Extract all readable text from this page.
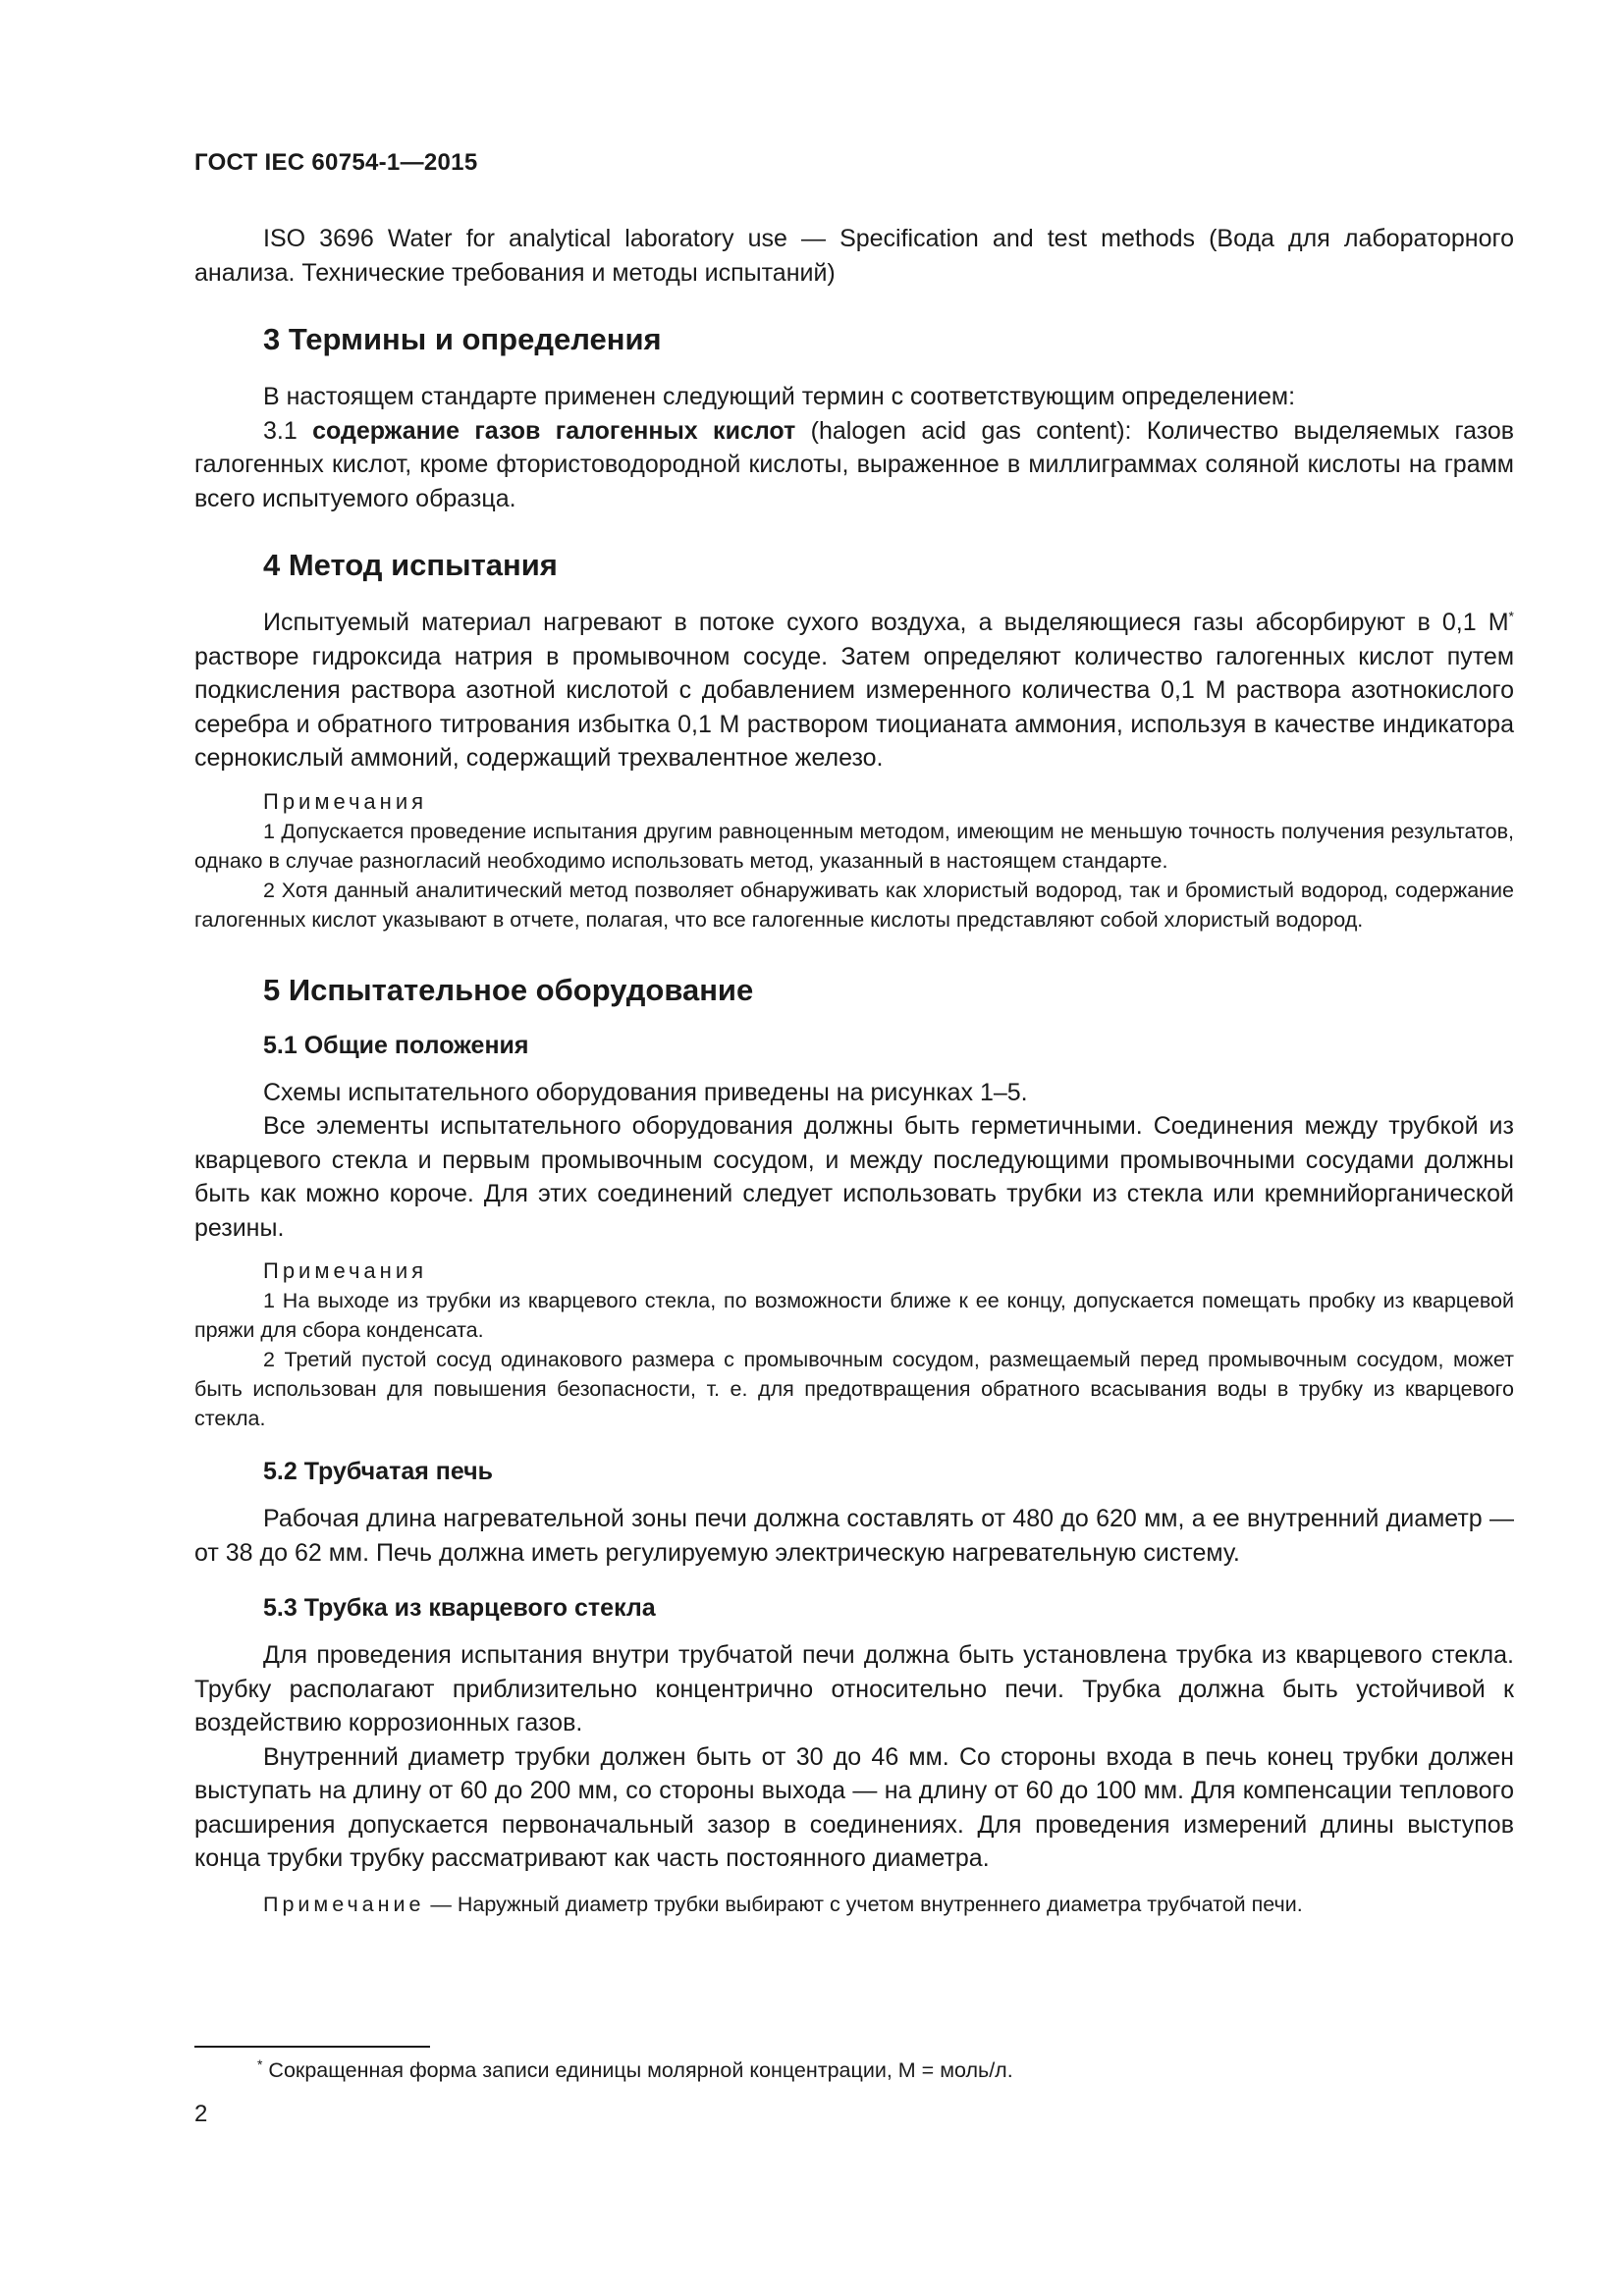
ГОСТ IEC 60754-1—2015

ISO 3696 Water for analytical laboratory use — Specification and test methods (Вода для лабораторного анализа. Технические требования и методы испытаний)

3 Термины и определения

В настоящем стандарте применен следующий термин с соответствующим определением:

3.1 содержание газов галогенных кислот (halogen acid gas content): Количество выделяемых газов галогенных кислот, кроме фтористоводородной кислоты, выраженное в миллиграммах соляной кислоты на грамм всего испытуемого образца.

4 Метод испытания

Испытуемый материал нагревают в потоке сухого воздуха, а выделяющиеся газы абсорбируют в 0,1 М* растворе гидроксида натрия в промывочном сосуде. Затем определяют количество галогенных кислот путем подкисления раствора азотной кислотой с добавлением измеренного количества 0,1 М раствора азотнокислого серебра и обратного титрования избытка 0,1 М раствором тиоцианата аммония, используя в качестве индикатора сернокислый аммоний, содержащий трехвалентное железо.

Примечания

1 Допускается проведение испытания другим равноценным методом, имеющим не меньшую точность получения результатов, однако в случае разногласий необходимо использовать метод, указанный в настоящем стандарте.

2 Хотя данный аналитический метод позволяет обнаруживать как хлористый водород, так и бромистый водород, содержание галогенных кислот указывают в отчете, полагая, что все галогенные кислоты представляют собой хлористый водород.

5 Испытательное оборудование
5.1 Общие положения

Схемы испытательного оборудования приведены на рисунках 1–5.

Все элементы испытательного оборудования должны быть герметичными. Соединения между трубкой из кварцевого стекла и первым промывочным сосудом, и между последующими промывочными сосудами должны быть как можно короче. Для этих соединений следует использовать трубки из стекла или кремнийорганической резины.

Примечания

1 На выходе из трубки из кварцевого стекла, по возможности ближе к ее концу, допускается помещать пробку из кварцевой пряжи для сбора конденсата.

2 Третий пустой сосуд одинакового размера с промывочным сосудом, размещаемый перед промывочным сосудом, может быть использован для повышения безопасности, т. е. для предотвращения обратного всасывания воды в трубку из кварцевого стекла.

5.2 Трубчатая печь

Рабочая длина нагревательной зоны печи должна составлять от 480 до 620 мм, а ее внутренний диаметр — от 38 до 62 мм. Печь должна иметь регулируемую электрическую нагревательную систему.

5.3 Трубка из кварцевого стекла

Для проведения испытания внутри трубчатой печи должна быть установлена трубка из кварцевого стекла. Трубку располагают приблизительно концентрично относительно печи. Трубка должна быть устойчивой к воздействию коррозионных газов.

Внутренний диаметр трубки должен быть от 30 до 46 мм. Со стороны входа в печь конец трубки должен выступать на длину от 60 до 200 мм, со стороны выхода — на длину от 60 до 100 мм. Для компенсации теплового расширения допускается первоначальный зазор в соединениях. Для проведения измерений длины выступов конца трубки трубку рассматривают как часть постоянного диаметра.

Примечание — Наружный диаметр трубки выбирают с учетом внутреннего диаметра трубчатой печи.
* Сокращенная форма записи единицы молярной концентрации, М = моль/л.
2
